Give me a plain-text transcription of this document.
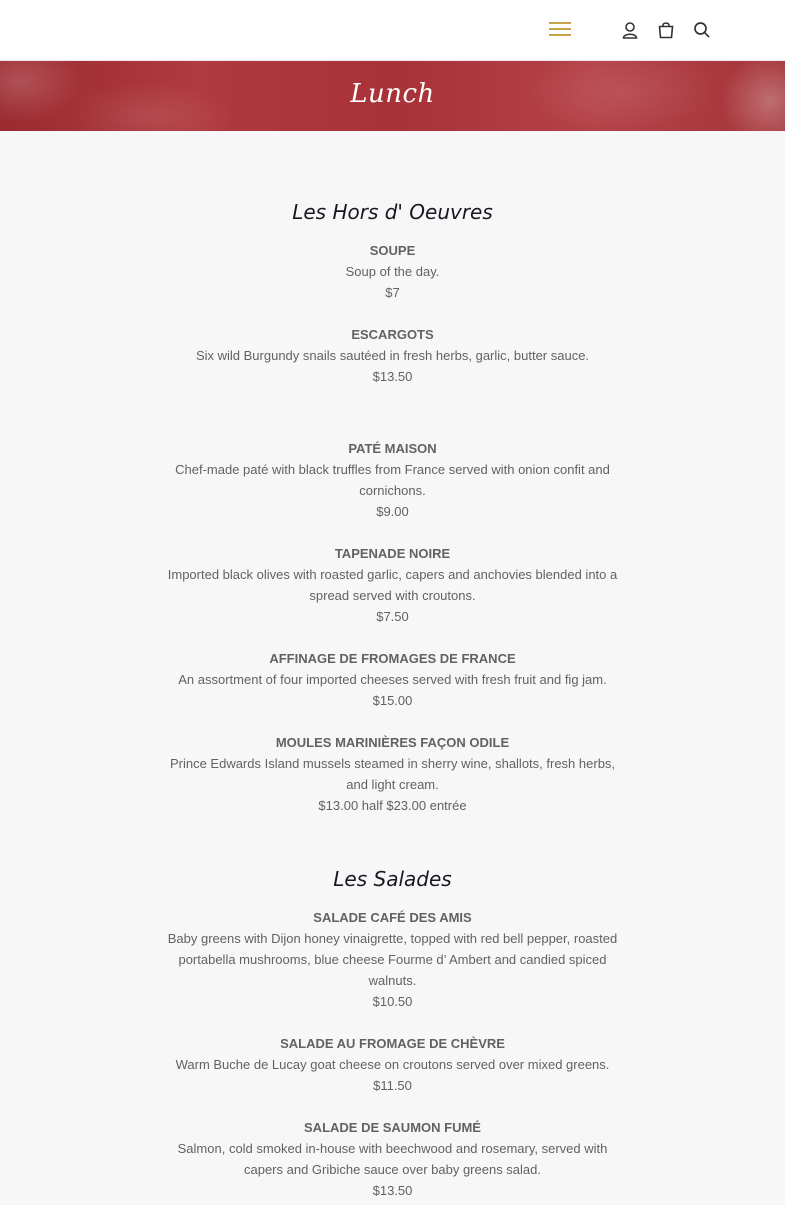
Lunch
Les Hors d' Oeuvres
SOUPE
Soup of the day.
$7
ESCARGOTS
Six wild Burgundy snails sautéed in fresh herbs, garlic, butter sauce.
$13.50
PATÉ MAISON
Chef-made paté with black truffles from France served with onion confit and cornichons.
$9.00
TAPENADE NOIRE
Imported black olives with roasted garlic, capers and anchovies blended into a spread served with croutons.
$7.50
AFFINAGE DE FROMAGES DE FRANCE
An assortment of four imported cheeses served with fresh fruit and fig jam.
$15.00
MOULES MARINIÈRES FAÇON ODILE
Prince Edwards Island mussels steamed in sherry wine, shallots, fresh herbs, and light cream.
$13.00 half $23.00 entrée
Les Salades
SALADE CAFÉ DES AMIS
Baby greens with Dijon honey vinaigrette, topped with red bell pepper, roasted portabella mushrooms, blue cheese Fourme d’ Ambert and candied spiced walnuts.
$10.50
SALADE AU FROMAGE DE CHÈVRE
Warm Buche de Lucay goat cheese on croutons served over mixed greens.
$11.50
SALADE DE SAUMON FUMÉ
Salmon, cold smoked in-house with beechwood and rosemary, served with capers and Gribiche sauce over baby greens salad.
$13.50
